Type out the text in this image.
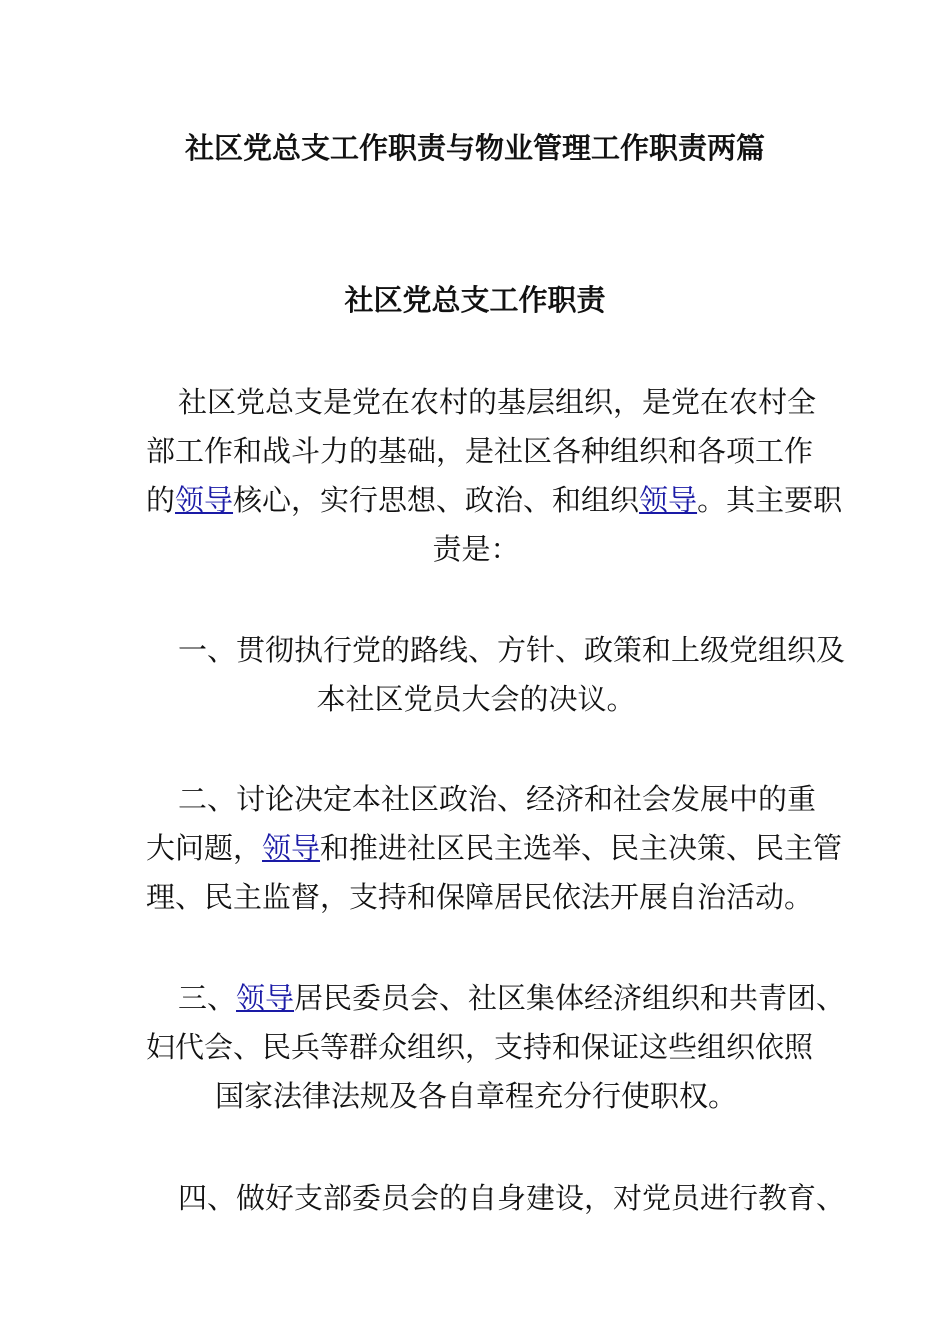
社区党总支工作职责与物业管理工作职责两篇
社区党总支工作职责
社区党总支是党在农村的基层组织，是党在农村全
部工作和战斗力的基础，是社区各种组织和各项工作
的领导核心，实行思想、政治、和组织领导。其主要职
责是：
一、贯彻执行党的路线、方针、政策和上级党组织及
本社区党员大会的决议。
二、讨论决定本社区政治、经济和社会发展中的重
大问题，领导和推进社区民主选举、民主决策、民主管
理、民主监督，支持和保障居民依法开展自治活动。
三、领导居民委员会、社区集体经济组织和共青团、
妇代会、民兵等群众组织，支持和保证这些组织依照
国家法律法规及各自章程充分行使职权。
四、做好支部委员会的自身建设，对党员进行教育、
